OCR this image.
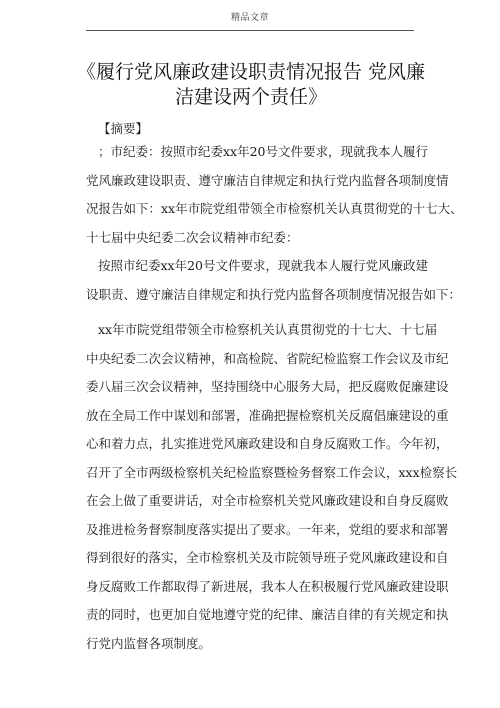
精品文章
《履行党风廉政建设职责情况报告 党风廉
洁建设两个责任》
【摘要】
；市纪委：按照市纪委xx年20号文件要求，现就我本人履行
党风廉政建设职责、遵守廉洁自律规定和执行党内监督各项制度情
况报告如下：xx年市院党组带领全市检察机关认真贯彻党的十七大、
十七届中央纪委二次会议精神市纪委：
按照市纪委xx年20号文件要求，现就我本人履行党风廉政建
设职责、遵守廉洁自律规定和执行党内监督各项制度情况报告如下：
xx年市院党组带领全市检察机关认真贯彻党的十七大、十七届
中央纪委二次会议精神，和高检院、省院纪检监察工作会议及市纪
委八届三次会议精神，坚持围绕中心服务大局，把反腐败促廉建设
放在全局工作中谋划和部署，准确把握检察机关反腐倡廉建设的重
心和着力点，扎实推进党风廉政建设和自身反腐败工作。今年初，
召开了全市两级检察机关纪检监察暨检务督察工作会议，xxx检察长
在会上做了重要讲话，对全市检察机关党风廉政建设和自身反腐败
及推进检务督察制度落实提出了要求。一年来，党组的要求和部署
得到很好的落实，全市检察机关及市院领导班子党风廉政建设和自
身反腐败工作都取得了新进展，我本人在积极履行党风廉政建设职
责的同时，也更加自觉地遵守党的纪律、廉洁自律的有关规定和执
行党内监督各项制度。
